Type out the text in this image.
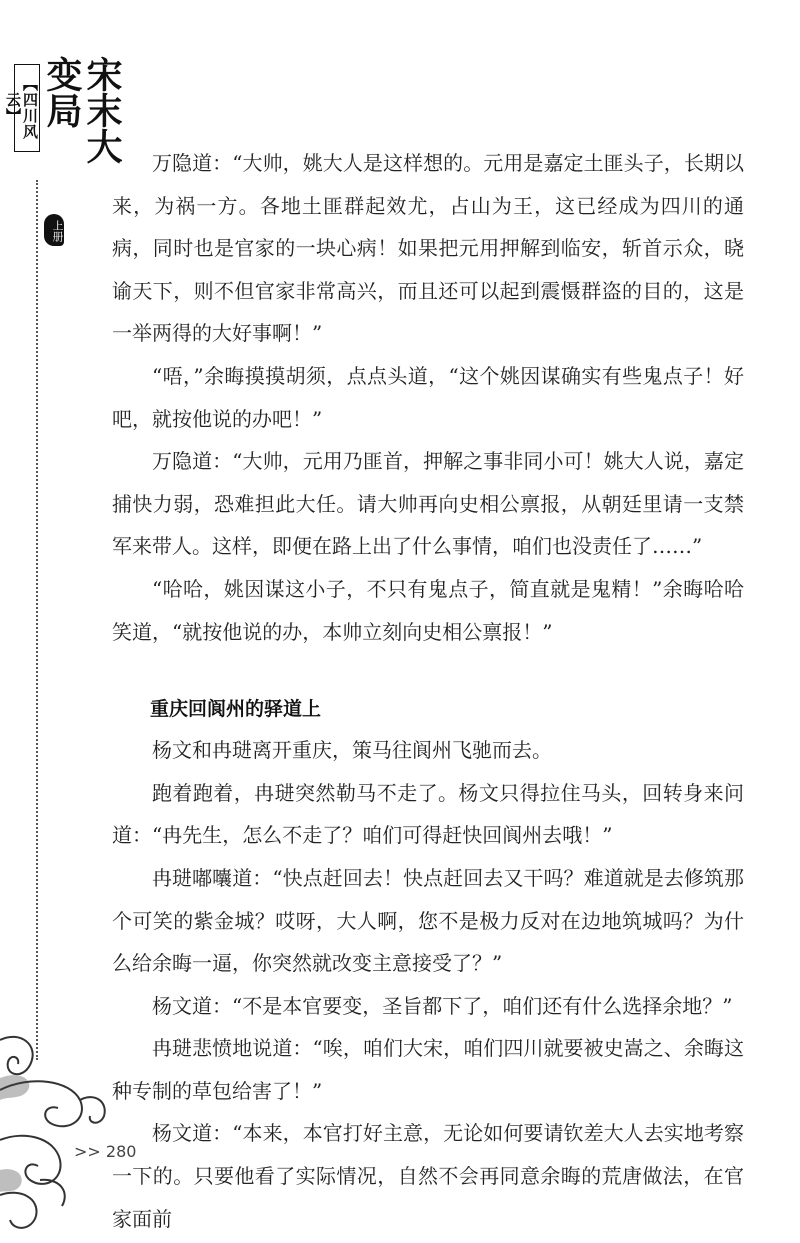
【四川风云】	宋末大变局
上册

万隐道：“大帅，姚大人是这样想的。元用是嘉定土匪头子，长期以来，为祸一方。各地土匪群起效尤，占山为王，这已经成为四川的通病，同时也是官家的一块心病！如果把元用押解到临安，斩首示众，晓谕天下，则不但官家非常高兴，而且还可以起到震慑群盗的目的，这是一举两得的大好事啊！”

“唔，”余晦摸摸胡须，点点头道，“这个姚因谋确实有些鬼点子！好吧，就按他说的办吧！”

万隐道：“大帅，元用乃匪首，押解之事非同小可！姚大人说，嘉定捕快力弱，恐难担此大任。请大帅再向史相公禀报，从朝廷里请一支禁军来带人。这样，即便在路上出了什么事情，咱们也没责任了……”

“哈哈，姚因谋这小子，不只有鬼点子，简直就是鬼精！”余晦哈哈笑道，“就按他说的办，本帅立刻向史相公禀报！”

重庆回阆州的驿道上

杨文和冉琎离开重庆，策马往阆州飞驰而去。

跑着跑着，冉琎突然勒马不走了。杨文只得拉住马头，回转身来问道：“冉先生，怎么不走了？咱们可得赶快回阆州去哦！”

冉琎嘟囔道：“快点赶回去！快点赶回去又干吗？难道就是去修筑那个可笑的紫金城？哎呀，大人啊，您不是极力反对在边地筑城吗？为什么给余晦一逼，你突然就改变主意接受了？”

杨文道：“不是本官要变，圣旨都下了，咱们还有什么选择余地？”

冉琎悲愤地说道：“唉，咱们大宋，咱们四川就要被史嵩之、余晦这种专制的草包给害了！”

杨文道：“本来，本官打好主意，无论如何要请钦差大人去实地考察一下的。只要他看了实际情况，自然不会再同意余晦的荒唐做法，在官家面前

>> 280
